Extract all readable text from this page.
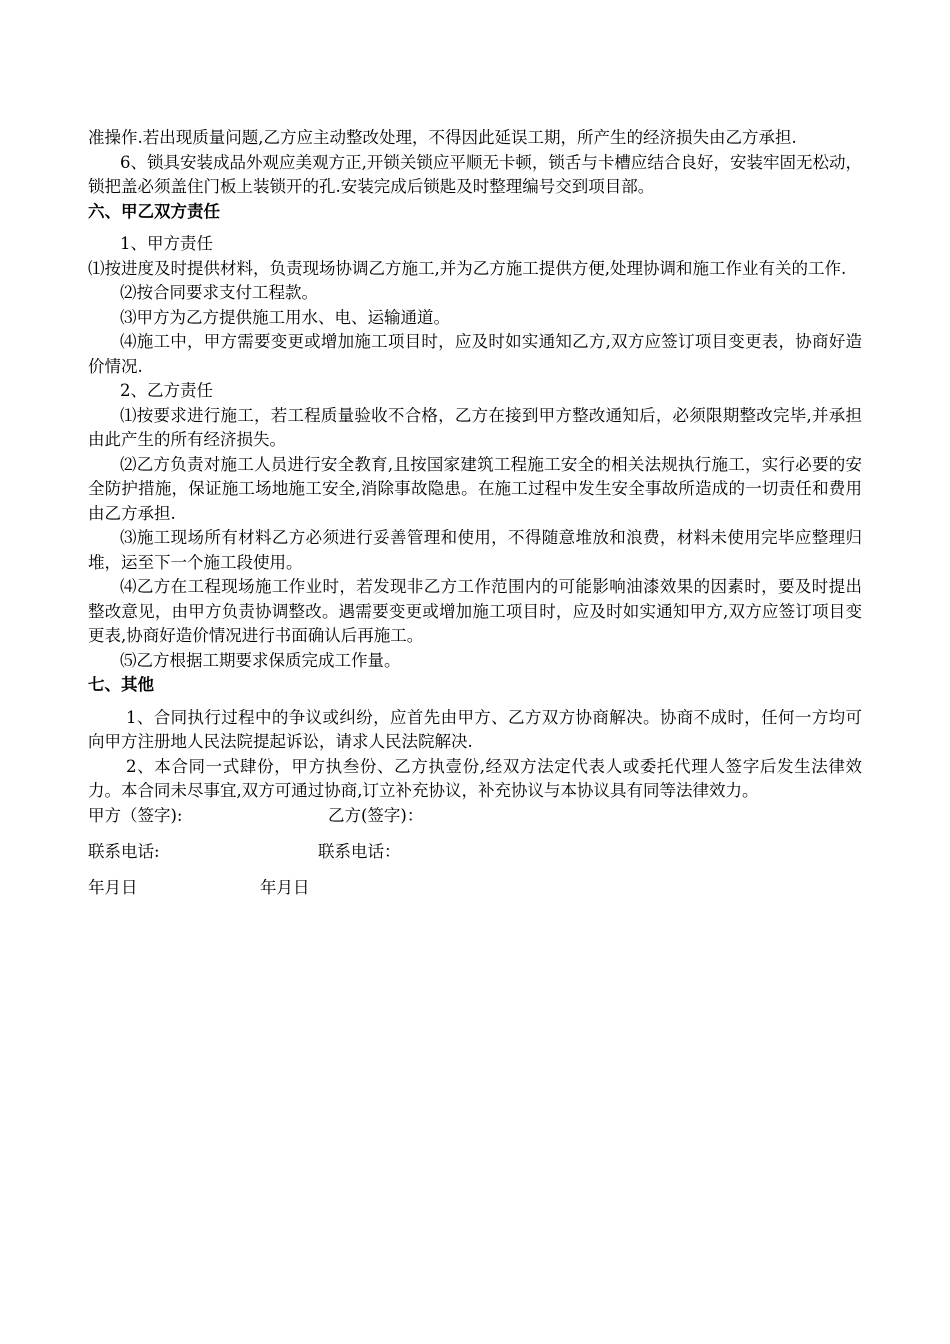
准操作.若出现质量问题,乙方应主动整改处理，不得因此延误工期，所产生的经济损失由乙方承担.

6、锁具安装成品外观应美观方正,开锁关锁应平顺无卡顿，锁舌与卡槽应结合良好，安装牢固无松动，锁把盖必须盖住门板上装锁开的孔.安装完成后锁匙及时整理编号交到项目部。

六、甲乙双方责任

1、甲方责任

⑴按进度及时提供材料，负责现场协调乙方施工,并为乙方施工提供方便,处理协调和施工作业有关的工作.

⑵按合同要求支付工程款。

⑶甲方为乙方提供施工用水、电、运输通道。

⑷施工中，甲方需要变更或增加施工项目时，应及时如实通知乙方,双方应签订项目变更表，协商好造价情况.

2、乙方责任

⑴按要求进行施工，若工程质量验收不合格，乙方在接到甲方整改通知后，必须限期整改完毕,并承担由此产生的所有经济损失。

⑵乙方负责对施工人员进行安全教育,且按国家建筑工程施工安全的相关法规执行施工，实行必要的安全防护措施，保证施工场地施工安全,消除事故隐患。在施工过程中发生安全事故所造成的一切责任和费用由乙方承担.

⑶施工现场所有材料乙方必须进行妥善管理和使用，不得随意堆放和浪费，材料未使用完毕应整理归堆，运至下一个施工段使用。

⑷乙方在工程现场施工作业时，若发现非乙方工作范围内的可能影响油漆效果的因素时，要及时提出整改意见，由甲方负责协调整改。遇需要变更或增加施工项目时，应及时如实通知甲方,双方应签订项目变更表,协商好造价情况进行书面确认后再施工。

⑸乙方根据工期要求保质完成工作量。

七、其他

1、合同执行过程中的争议或纠纷，应首先由甲方、乙方双方协商解决。协商不成时，任何一方均可向甲方注册地人民法院提起诉讼，请求人民法院解决.

2、本合同一式肆份，甲方执叁份、乙方执壹份,经双方法定代表人或委托代理人签字后发生法律效力。本合同未尽事宜,双方可通过协商,订立补充协议，补充协议与本协议具有同等法律效力。

甲方（签字):	乙方(签字)：
联系电话:	联系电话：
年月日	年月日
